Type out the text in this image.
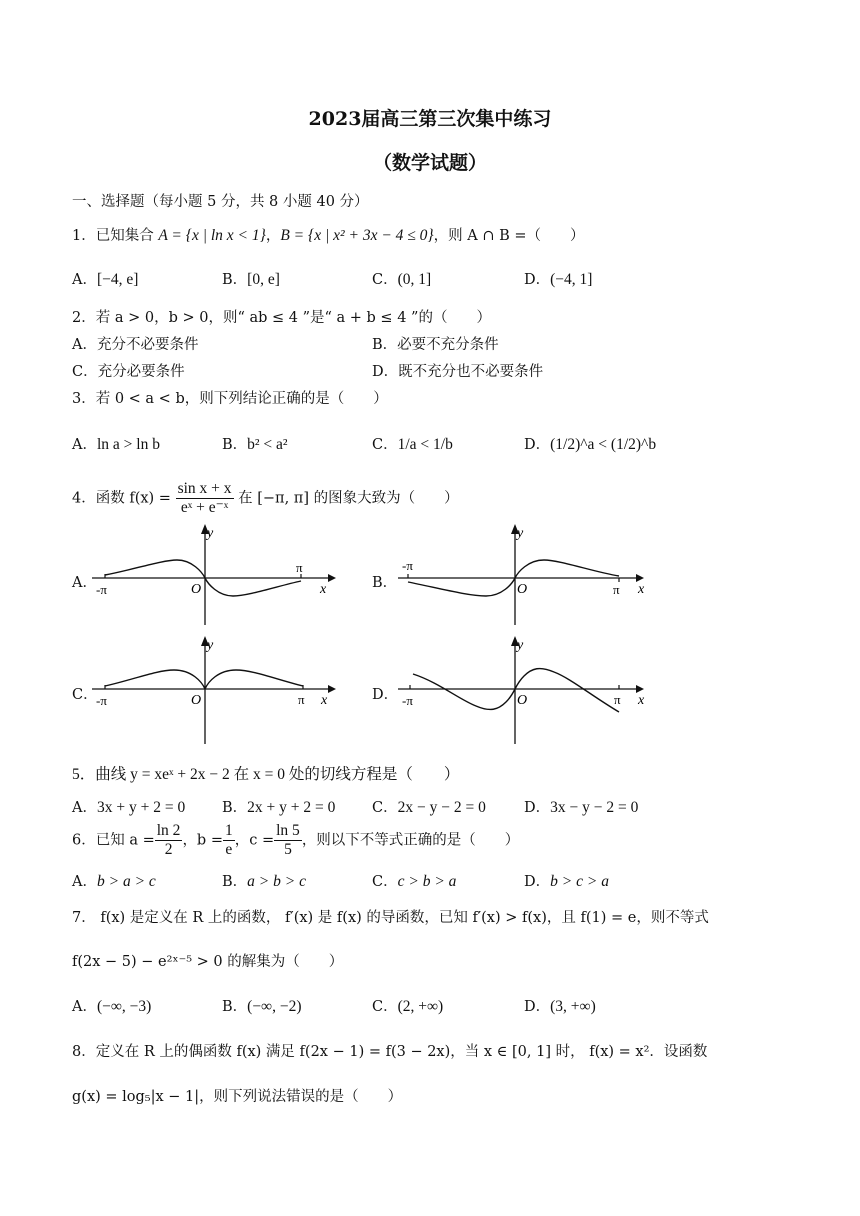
2023届高三第三次集中练习
（数学试题）
一、选择题（每小题 5 分，共 8 小题 40 分）
1．已知集合 A = {x | ln x < 1}，B = {x | x² + 3x − 4 ≤ 0}，则 A ∩ B =（　　）
A．[−4, e]	B．[0, e]	C．(0, 1]	D．(−4, 1]
2．若 a > 0，b > 0，则“ ab ≤ 4 ”是“ a + b ≤ 4 ”的（　　）
A．充分不必要条件	B．必要不充分条件
C．充分必要条件	D．既不充分也不必要条件
3．若 0 < a < b，则下列结论正确的是（　　）
A．ln a > ln b	B．b² < a²	C．1/a < 1/b	D．(1/2)^a < (1/2)^b
4．函数 $f(x) = \frac{\text{sin x + x}}{\text{eˣ + e⁻ˣ}}$ 在 [−π, π] 的图象大致为（　　）
A．	B．
C．	D．
y
x
O
-π
π
y
x
O
-π
π
y
x
O
-π	π
y
x
O
-π	π
5．曲线 y = xeˣ + 2x − 2 在 x = 0 处的切线方程是（　　）
A．3x + y + 2 = 0	B．2x + y + 2 = 0	C．2x − y − 2 = 0	D．3x − y − 2 = 0
6．已知 $a = \frac{\ln 2}{2}$ ，$b = \frac{1}{e}$ ，$c = \frac{\ln 5}{5}$ ，则以下不等式正确的是（　　）
A．b > a > c	B．a > b > c	C．c > b > a	D．b > c > a
7． f(x) 是定义在 R 上的函数， f′(x) 是 f(x) 的导函数，已知 f′(x) > f(x)，且 f(1) = e，则不等式
f(2x − 5) − e²ˣ⁻⁵ > 0 的解集为（　　）
A．(−∞, −3)	B．(−∞, −2)	C．(2, +∞)	D．(3, +∞)
8．定义在 R 上的偶函数 f(x) 满足 f(2x − 1) = f(3 − 2x)，当 x ∈ [0, 1] 时， f(x) = x²．设函数
g(x) = log₅|x − 1|，则下列说法错误的是（　　）
